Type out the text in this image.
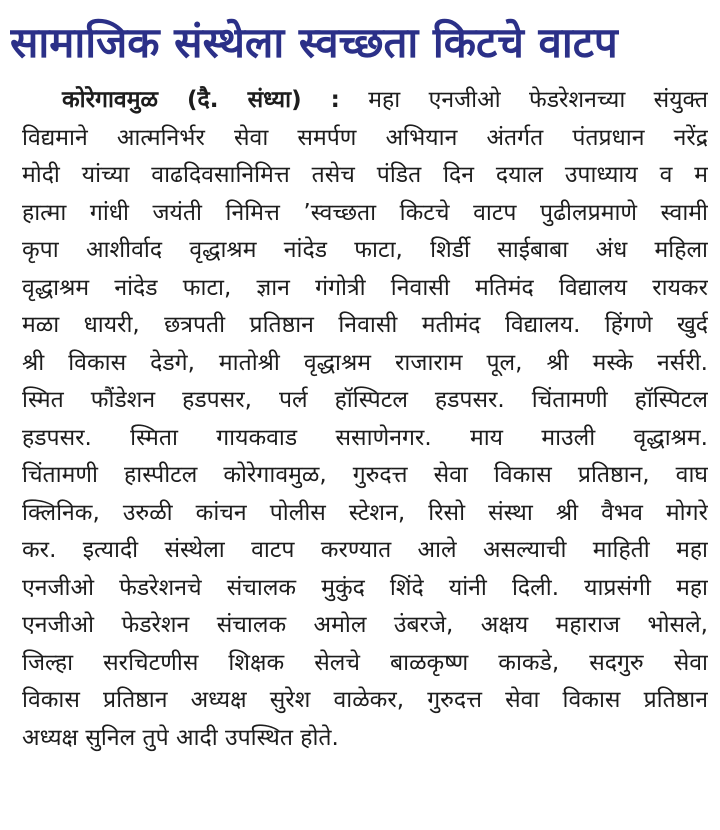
सामाजिक संस्थेला स्वच्छता किटचे वाटप
कोरेगावमुळ (दै. संध्या) : महा एनजीओ फेडरेशनच्या संयुक्त
विद्यमाने आत्मनिर्भर सेवा समर्पण अभियान अंतर्गत पंतप्रधान नरेंद्र
मोदी यांच्या वाढदिवसानिमित्त तसेच पंडित दिन दयाल उपाध्याय व म
हात्मा गांधी जयंती निमित्त ’स्वच्छता किटचे वाटप पुढीलप्रमाणे स्वामी
कृपा आशीर्वाद वृद्धाश्रम नांदेड फाटा, शिर्डी साईबाबा अंध महिला
वृद्धाश्रम नांदेड फाटा, ज्ञान गंगोत्री निवासी मतिमंद विद्यालय रायकर
मळा धायरी, छत्रपती प्रतिष्ठान निवासी मतीमंद विद्यालय. हिंगणे खुर्द
श्री विकास देडगे, मातोश्री वृद्धाश्रम राजाराम पूल, श्री मस्के नर्सरी.
स्मित फौंडेशन हडपसर, पर्ल हॉस्पिटल हडपसर. चिंतामणी हॉस्पिटल
हडपसर. स्मिता गायकवाड ससाणेनगर. माय माउली वृद्धाश्रम.
चिंतामणी हास्पीटल कोरेगावमुळ, गुरुदत्त सेवा विकास प्रतिष्ठान, वाघ
क्लिनिक, उरुळी कांचन पोलीस स्टेशन, रिसो संस्था श्री वैभव मोगरे
कर. इत्यादी संस्थेला वाटप करण्यात आले असल्याची माहिती महा
एनजीओ फेडरेशनचे संचालक मुकुंद शिंदे यांनी दिली. याप्रसंगी महा
एनजीओ फेडरेशन संचालक अमोल उंबरजे, अक्षय महाराज भोसले,
जिल्हा सरचिटणीस शिक्षक सेलचे बाळकृष्ण काकडे, सदगुरु सेवा
विकास प्रतिष्ठान अध्यक्ष सुरेश वाळेकर, गुरुदत्त सेवा विकास प्रतिष्ठान
अध्यक्ष सुनिल तुपे आदी उपस्थित होते.
